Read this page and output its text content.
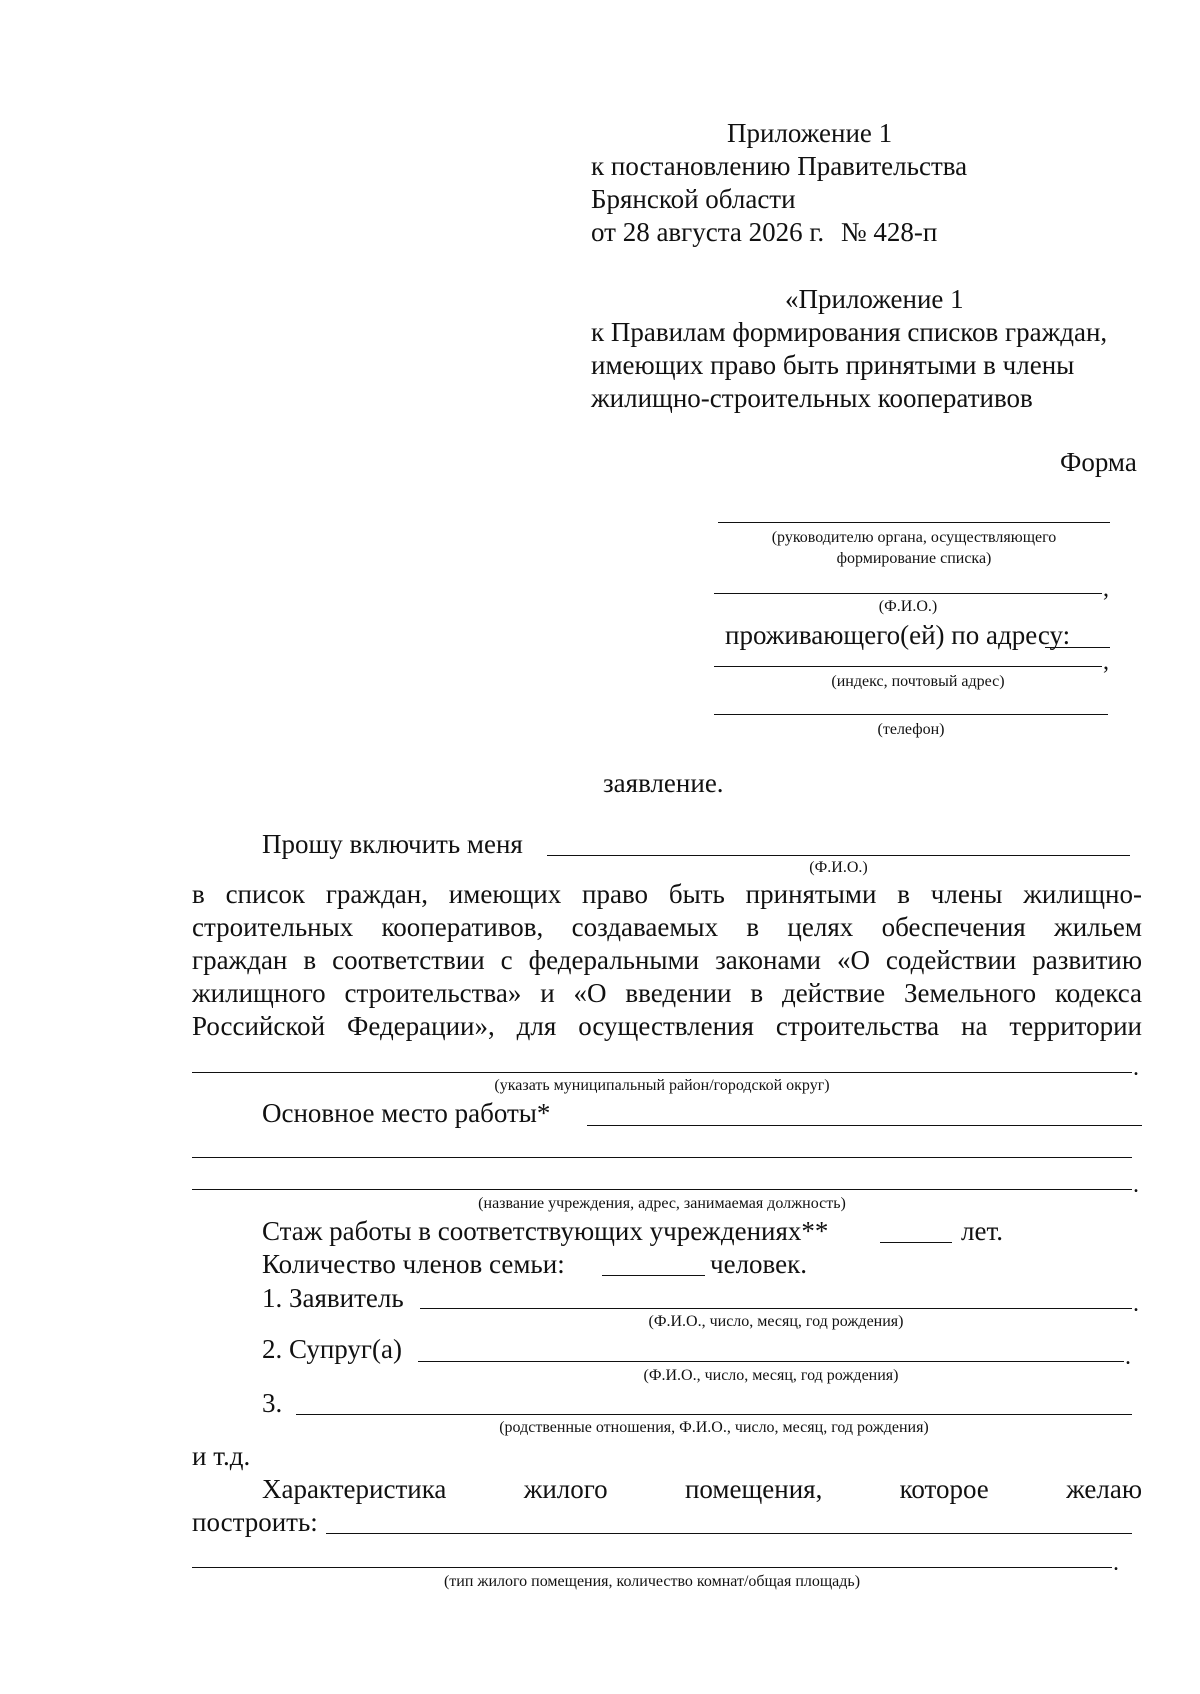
Приложение 1
к постановлению Правительства
Брянской области
от 28 августа 2026 г. № 428-п
«Приложение 1
к Правилам формирования списков граждан,
имеющих право быть принятыми в члены
жилищно-строительных кооперативов
Форма
(руководителю органа, осуществляющего
формирование списка)
,
(Ф.И.О.)
проживающего(ей) по адресу:
,
(индекс, почтовый адрес)
(телефон)
заявление.
Прошу включить меня
(Ф.И.О.)
в список граждан, имеющих право быть принятыми в члены жилищно-
строительных кооперативов, создаваемых в целях обеспечения жильем
граждан в соответствии с федеральными законами «О содействии развитию
жилищного строительства» и «О введении в действие Земельного кодекса
Российской Федерации», для осуществления строительства на территории
.
(указать муниципальный район/городской округ)
Основное место работы*
.
(название учреждения, адрес, занимаемая должность)
Стаж работы в соответствующих учреждениях**	лет.
Количество членов семьи:	человек.
1. Заявитель	.
(Ф.И.О., число, месяц, год рождения)
2. Супруг(а)	.
(Ф.И.О., число, месяц, год рождения)
3.
(родственные отношения, Ф.И.О., число, месяц, год рождения)
и т.д.
Характеристика	жилого	помещения,	которое	желаю
построить:
.
(тип жилого помещения, количество комнат/общая площадь)
